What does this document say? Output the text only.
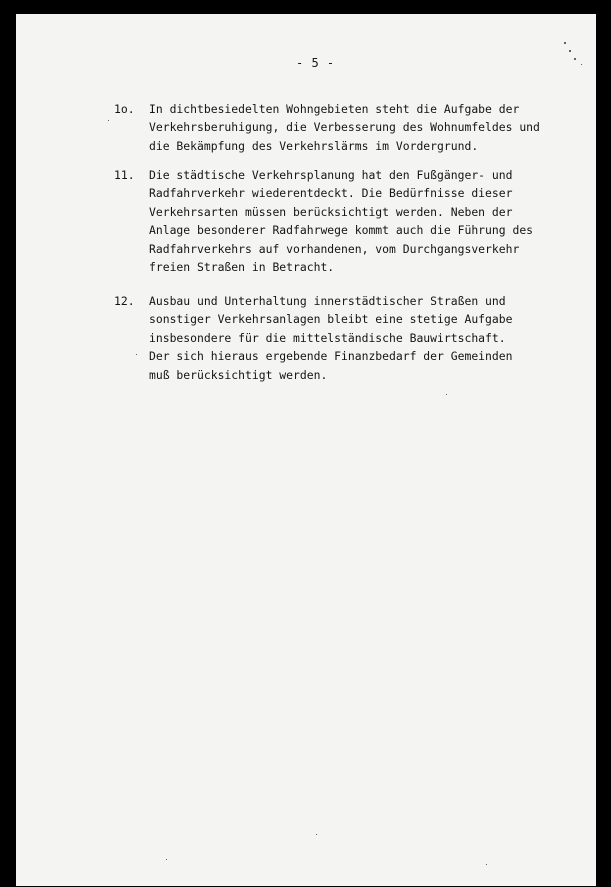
- 5 -
1o. In dichtbesiedelten Wohngebieten steht die Aufgabe der
Verkehrsberuhigung, die Verbesserung des Wohnumfeldes und
die Bekämpfung des Verkehrslärms im Vordergrund.
11. Die städtische Verkehrsplanung hat den Fußgänger- und
Radfahrverkehr wiederentdeckt. Die Bedürfnisse dieser
Verkehrsarten müssen berücksichtigt werden. Neben der
Anlage besonderer Radfahrwege kommt auch die Führung des
Radfahrverkehrs auf vorhandenen, vom Durchgangsverkehr
freien Straßen in Betracht.
12. Ausbau und Unterhaltung innerstädtischer Straßen und
sonstiger Verkehrsanlagen bleibt eine stetige Aufgabe
insbesondere für die mittelständische Bauwirtschaft.
Der sich hieraus ergebende Finanzbedarf der Gemeinden
muß berücksichtigt werden.
